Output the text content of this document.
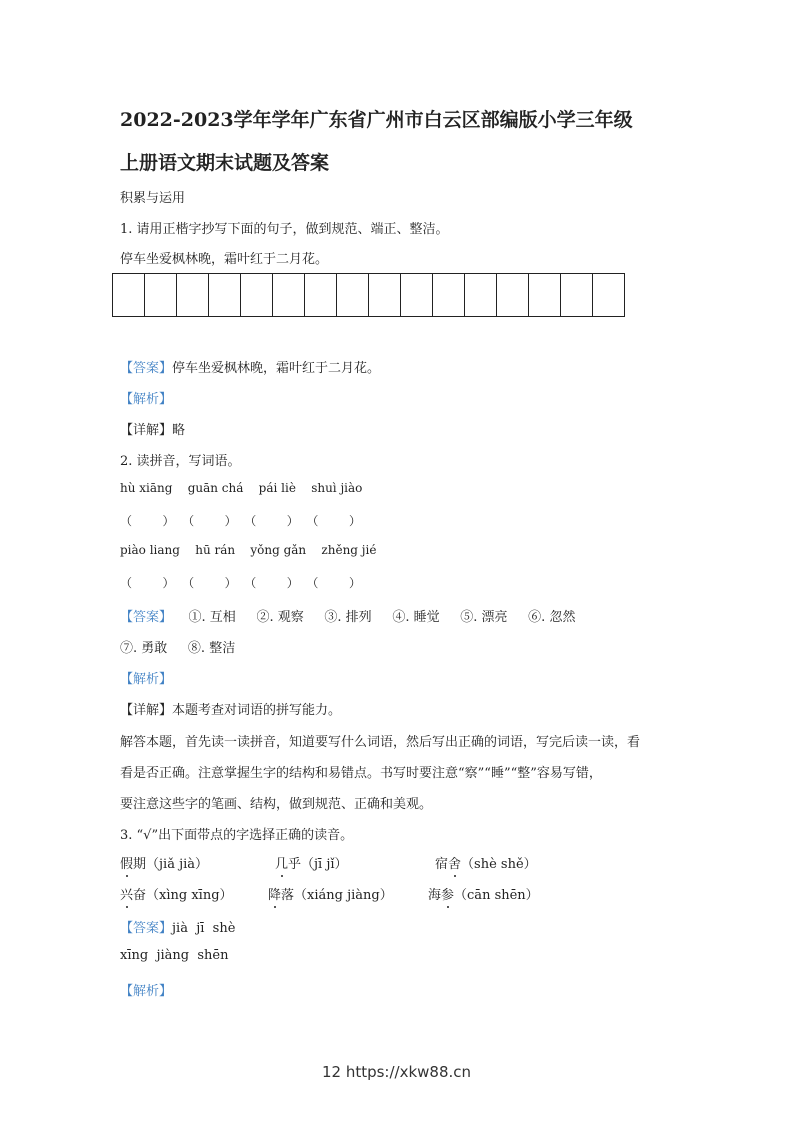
2022-2023学年学年广东省广州市白云区部编版小学三年级
上册语文期末试题及答案
积累与运用
1. 请用正楷字抄写下面的句子，做到规范、端正、整洁。
停车坐爱枫林晚，霜叶红于二月花。
【答案】停车坐爱枫林晚，霜叶红于二月花。
【解析】
【详解】略
2. 读拼音，写词语。
hù xiāng    guān chá    pái liè    shuì jiào
（        ）  （        ）  （        ）  （        ）
piào liang    hū rán    yǒng gǎn    zhěng jié
（        ）  （        ）  （        ）  （        ）
【答案】 ①. 互相     ②. 观察     ③. 排列     ④. 睡觉     ⑤. 漂亮     ⑥. 忽然
⑦. 勇敢     ⑧. 整洁
【解析】
【详解】本题考查对词语的拼写能力。
解答本题，首先读一读拼音，知道要写什么词语，然后写出正确的词语，写完后读一读，看
看是否正确。注意掌握生字的结构和易错点。书写时要注意“察”“睡”“整”容易写错，
要注意这些字的笔画、结构，做到规范、正确和美观。
3. “√”出下面带点的字选择正确的读音。
假期（jiǎ jià）	几乎（jī jǐ）	宿舍（shè shě）
兴奋（xìng xīng）	降落（xiáng jiàng）	海参（cān shēn）
【答案】jià  jī  shè
xīng  jiàng  shēn
【解析】
12 https://xkw88.cn
